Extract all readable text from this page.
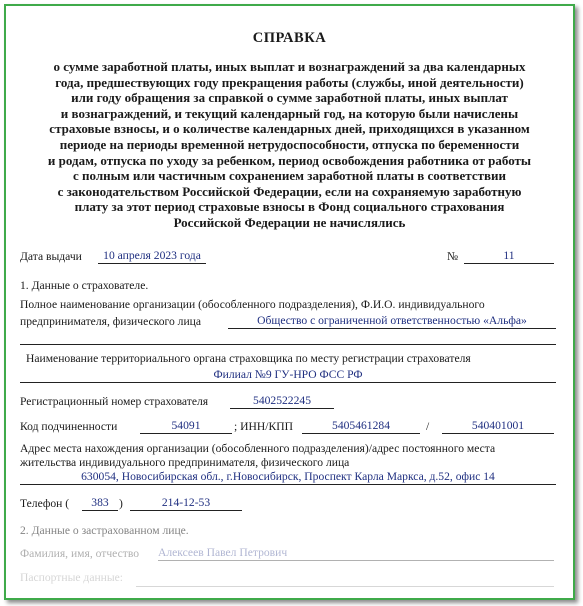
СПРАВКА
о сумме заработной платы, иных выплат и вознаграждений за два календарных
года, предшествующих году прекращения работы (службы, иной деятельности)
или году обращения за справкой о сумме заработной платы, иных выплат
и вознаграждений, и текущий календарный год, на которую были начислены
страховые взносы, и о количестве календарных дней, приходящихся в указанном
периоде на периоды временной нетрудоспособности, отпуска по беременности
и родам, отпуска по уходу за ребенком, период освобождения работника от работы
с полным или частичным сохранением заработной платы в соответствии
с законодательством Российской Федерации, если на сохраняемую заработную
плату за этот период страховые взносы в Фонд социального страхования
Российской Федерации не начислялись
Дата выдачи	10 апреля 2023 года	№	11
1. Данные о страхователе.
Полное наименование организации (обособленного подразделения), Ф.И.О. индивидуального
предпринимателя, физического лица	Общество с ограниченной ответственностью «Альфа»
Наименование территориального органа страховщика по месту регистрации страхователя
Филиал №9 ГУ-НРО ФСС РФ
Регистрационный номер страхователя	5402522245
Код подчиненности	54091	; ИНН/КПП	5405461284	/	540401001
Адрес места нахождения организации (обособленного подразделения)/адрес постоянного места
жительства индивидуального предпринимателя, физического лица
630054, Новосибирская обл., г.Новосибирск, Проспект Карла Маркса, д.52, офис 14
Телефон (	383 )	214-12-53
2. Данные о застрахованном лице.
Фамилия, имя, отчество Алексеев Павел Петрович
Паспортные данные:
